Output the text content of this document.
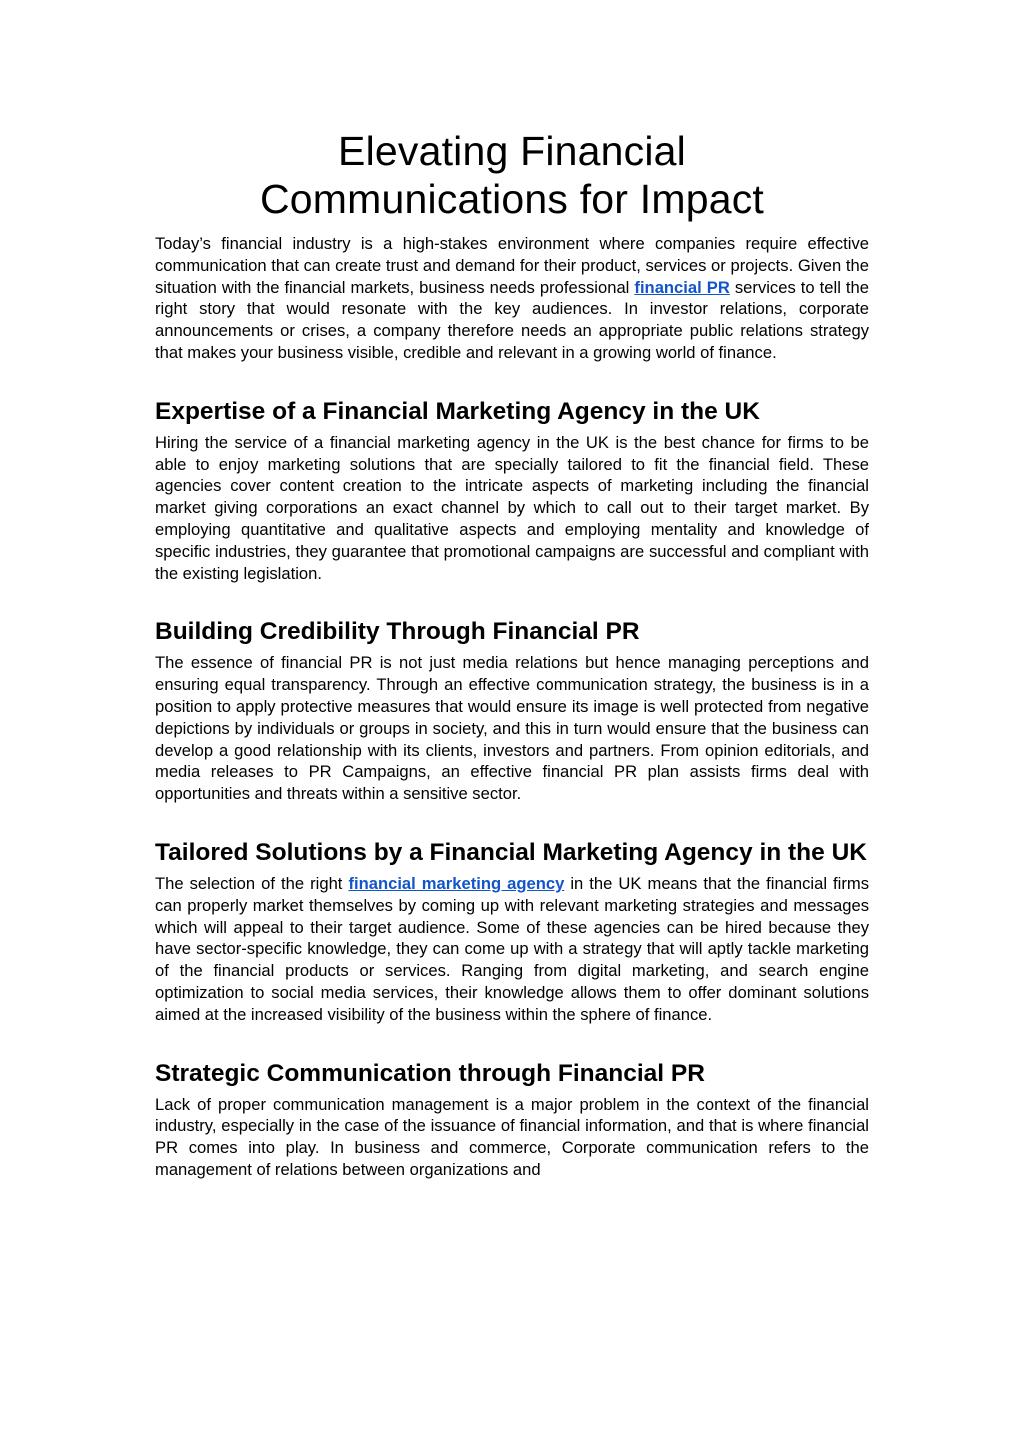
Elevating Financial
Communications for Impact

Today’s financial industry is a high-stakes environment where companies require effective communication that can create trust and demand for their product, services or projects. Given the situation with the financial markets, business needs professional financial PR services to tell the right story that would resonate with the key audiences. In investor relations, corporate announcements or crises, a company therefore needs an appropriate public relations strategy that makes your business visible, credible and relevant in a growing world of finance.

Expertise of a Financial Marketing Agency in the UK

Hiring the service of a financial marketing agency in the UK is the best chance for firms to be able to enjoy marketing solutions that are specially tailored to fit the financial field. These agencies cover content creation to the intricate aspects of marketing including the financial market giving corporations an exact channel by which to call out to their target market. By employing quantitative and qualitative aspects and employing mentality and knowledge of specific industries, they guarantee that promotional campaigns are successful and compliant with the existing legislation.

Building Credibility Through Financial PR

The essence of financial PR is not just media relations but hence managing perceptions and ensuring equal transparency. Through an effective communication strategy, the business is in a position to apply protective measures that would ensure its image is well protected from negative depictions by individuals or groups in society, and this in turn would ensure that the business can develop a good relationship with its clients, investors and partners. From opinion editorials, and media releases to PR Campaigns, an effective financial PR plan assists firms deal with opportunities and threats within a sensitive sector.

Tailored Solutions by a Financial Marketing Agency in the UK

The selection of the right financial marketing agency in the UK means that the financial firms can properly market themselves by coming up with relevant marketing strategies and messages which will appeal to their target audience. Some of these agencies can be hired because they have sector-specific knowledge, they can come up with a strategy that will aptly tackle marketing of the financial products or services. Ranging from digital marketing, and search engine optimization to social media services, their knowledge allows them to offer dominant solutions aimed at the increased visibility of the business within the sphere of finance.

Strategic Communication through Financial PR

Lack of proper communication management is a major problem in the context of the financial industry, especially in the case of the issuance of financial information, and that is where financial PR comes into play. In business and commerce, Corporate communication refers to the management of relations between organizations and
